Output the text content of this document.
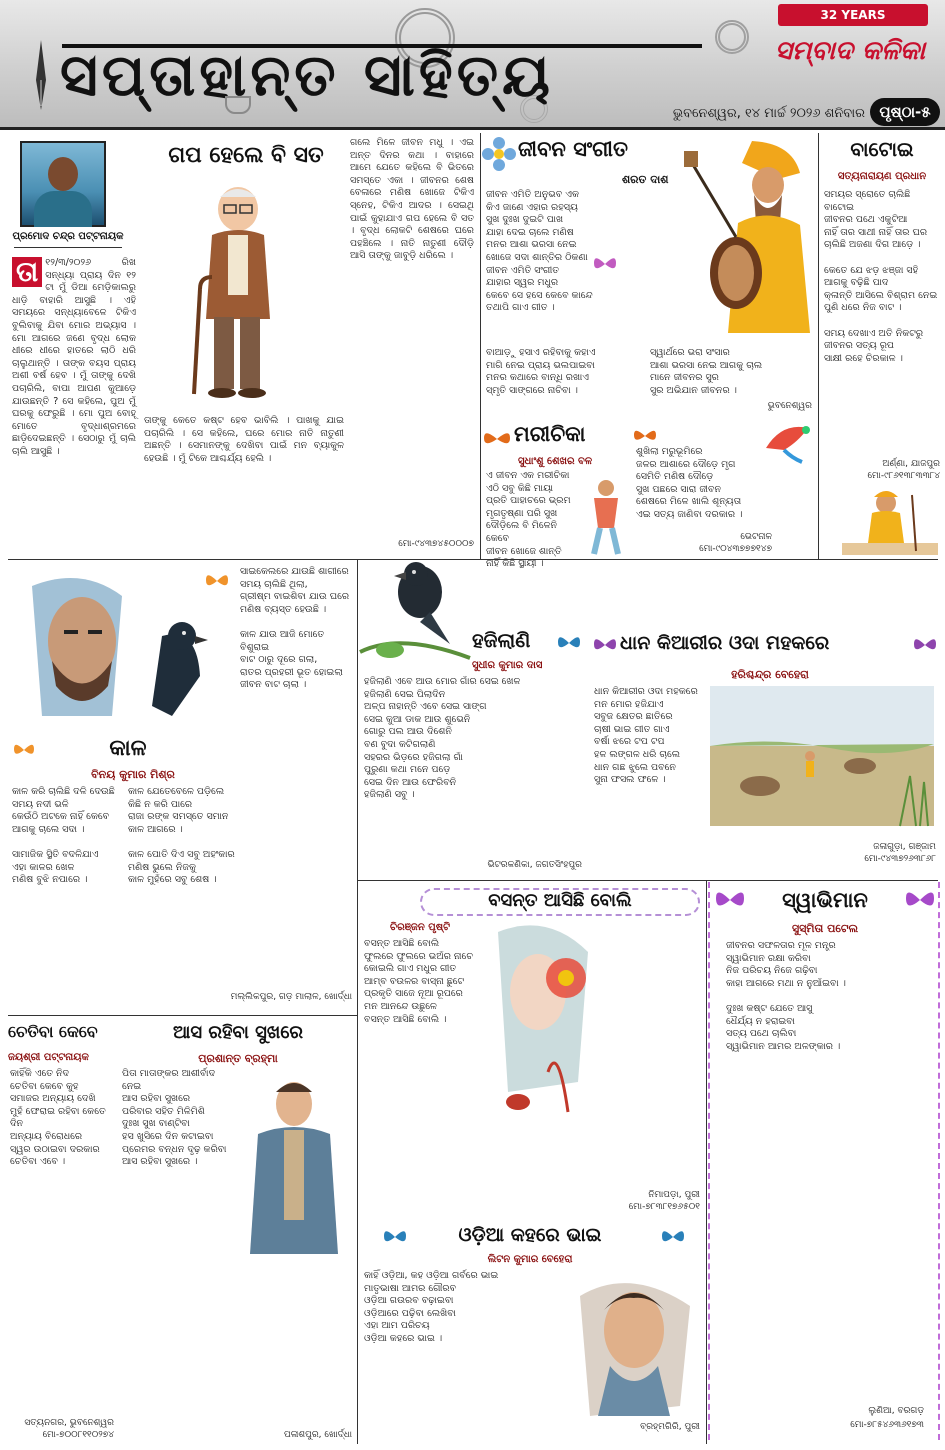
ସପ୍ତାହାନ୍ତ ସାହିତ୍ୟ
32 YEARS
ସମ୍ବାଦ କଳିକା
ଭୁବନେଶ୍ୱର, ୧୪ ମାର୍ଚ୍ଚ ୨୦୨୬ ଶନିବାର ପୃଷ୍ଠା-୫
ପ୍ରମୋଦ ଚନ୍ଦ୍ର ପଟ୍ଟନାୟକ
ଗପ ହେଲେ ବି ସତ
ତା ୧୨/୩/୨୦୨୬ ରିଖ ସନ୍ଧ୍ୟା ପ୍ରାୟ ଦିନ ୧୨ ଟା ମୁଁ ଡିଆ ମେଡ଼ିକାଲରୁ ଧାଡ଼ି ବାହାରି ଆସୁଛି । ଏହି ସମୟରେ ସନ୍ଧ୍ୟାବେଳେ ଟିକିଏ ବୁଲିବାକୁ ଯିବା ମୋର ଅଭ୍ୟାସ । ମୋ ଆଗରେ ଜଣେ ବୃଦ୍ଧ ଲୋକ ଧୀରେ ଧୀରେ ହାତରେ ଲାଠି ଧରି ଚାଲୁଥାନ୍ତି । ତାଙ୍କ ବୟସ ପ୍ରାୟ ଅଶୀ ବର୍ଷ ହେବ । ମୁଁ ତାଙ୍କୁ ଦେଖି ପଚାରିଲି, ବାପା ଆପଣ କୁଆଡ଼େ ଯାଉଛନ୍ତି ? ସେ କହିଲେ, ପୁଅ ମୁଁ ଘରକୁ ଫେରୁଛି । ମୋ ପୁଅ ବୋହୂ ମୋତେ ବୃଦ୍ଧାଶ୍ରମରେ ଛାଡ଼ିଦେଇଛନ୍ତି । ସେଠାରୁ ମୁଁ ଚାଲି ଚାଲି ଆସୁଛି ।
ତାଙ୍କୁ କେତେ କଷ୍ଟ ହେବ ଭାବିଲି । ପାଖକୁ ଯାଇ ପଚାରିଲି । ସେ କହିଲେ, ଘରେ ମୋର ନାତି ନାତୁଣୀ ଅଛନ୍ତି । ସେମାନଙ୍କୁ ଦେଖିବା ପାଇଁ ମନ ବ୍ୟାକୁଳ ହେଉଛି । ମୁଁ ଟିକେ ଆଶ୍ଚର୍ଯ୍ୟ ହେଲି ।
ଗଲେ ମିଳେ ଜୀବନ ମଧୁ । ଏଇ ଅନ୍ତ ଦିନର କଥା । ବାହାରେ ଆମେ ଯେତେ କହିଲେ ବି ଭିତରେ ସମସ୍ତେ ଏକା । ଜୀବନର ଶେଷ ବେଳାରେ ମଣିଷ ଖୋଜେ ଟିକିଏ ସ୍ନେହ, ଟିକିଏ ଆଦର । ସେଇଥି ପାଇଁ କୁହାଯାଏ ଗପ ହେଲେ ବି ସତ । ବୃଦ୍ଧ ଲୋକଟି ଶେଷରେ ଘରେ ପହଞ୍ଚିଲେ । ନାତି ନାତୁଣୀ ଦୌଡ଼ି ଆସି ତାଙ୍କୁ ଜାବୁଡ଼ି ଧରିଲେ ।
ମୋ-୯୪୩୭୪୫୦୦୦୭
ଜୀବନ ସଂଗୀତ
ଶରତ ଦାଶ
ଜୀବନ ଏମିତି ଅନୁଭବ ଏକ
କିଏ ଜାଣେ ଏହାର ରହସ୍ୟ
ସୁଖ ଦୁଃଖ ଦୁଇଟି ପାଖ
ଯାହା ଦେଇ ଚାଲେ ମଣିଷ
ମନର ଆଶା ଭରସା ନେଇ
ଖୋଜେ ସଦା ଶାନ୍ତିର ଠିକଣା
ଜୀବନ ଏମିତି ସଂଗୀତ
ଯାହାର ସ୍ୱର ମଧୁର
କେବେ ସେ ହସେ କେବେ କାନ୍ଦେ
ତଥାପି ଗାଏ ଗୀତ ।
ବାଆଡ଼ୁ ହସାଏ ରହିବାକୁ କହାଏ
ମାଗି ନେଇ ପ୍ରାୟ ଭଲପାଇବା
ମନର କଥାରେ ବାନ୍ଧି ରଖାଏ
ସ୍ମୃତି ସାଙ୍ଗରେ ନାଚିବା ।
ସ୍ୱାର୍ଥରେ ଭରା ସଂସାର
ଆଶା ଭରସା ନେଇ ଆଗକୁ ଚାଲ
ମାନେ ଜୀବନର ସୁର
ସୁର ଅଭିଯାନ ଜୀବନର ।
ଭୁବନେଶ୍ୱର
ବାଟୋଇ
ସତ୍ୟନାରାୟଣ ପ୍ରଧାନ
ସମୟର ସ୍ରୋତେ ଚାଲିଛି ବାଟୋଇ
ଜୀବନର ପଥେ ଏକୁଟିଆ
ନାହିଁ ତାର ସାଥୀ ନାହିଁ ତାର ଘର
ଚାଲିଛି ଅଜଣା ଦିଗ ଆଡ଼େ ।

କେତେ ଯେ ଝଡ଼ ଝଞ୍ଜା ସହି
ଆଗକୁ ବଢ଼ିଛି ପାଦ
କ୍ଳାନ୍ତି ଆସିଲେ ବିଶ୍ରାମ ନେଇ
ପୁଣି ଧରେ ନିଜ ବାଟ ।

ସମୟ ଦେଖାଏ ଅତି ନିକଟରୁ
ଜୀବନର ସତ୍ୟ ରୂପ
ସାକ୍ଷୀ ରହେ ଚିରକାଳ ।
ଅର୍ଣ୍ଣା, ଯାଜପୁର
ମୋ-୯୮୬୧୩୮୩୩୮୪
ମରୀଚିକା
ସୁଧାଂଶୁ ଶେଖର ବଳ
ଏ ଜୀବନ ଏକ ମରୀଚିକା
ଏଠି ସବୁ କିଛି ମାୟା
ପ୍ରତି ପାହାଚରେ ଭ୍ରମ
ମୃଗତୃଷ୍ଣା ପରି ସୁଖ
ଦୌଡ଼ିଲେ ବି ମିଳେନି କେବେ
ଜୀବନ ଖୋଜେ ଶାନ୍ତି
ନାହିଁ କିଛି ସ୍ଥାୟୀ ।
ଶୁଖିଲା ମରୁଭୂମିରେ
ଜଳର ଆଶାରେ ଦୌଡ଼େ ମୃଗ
ସେମିତି ମଣିଷ ଦୌଡ଼େ
ସୁଖ ପଛରେ ସାରା ଜୀବନ
ଶେଷରେ ମିଳେ ଖାଲି ଶୂନ୍ୟତା
ଏଇ ସତ୍ୟ ଜାଣିବା ଦରକାର ।
ଭେଟନାଳ
ମୋ-୯୦୪୩୭୭୭୧୪୭
କାଳ
ବିନୟ କୁମାର ମିଶ୍ର
ସାଇକେଲରେ ଯାଉଛି ଶାଗୀରେ
ସମୟ ଚାଲିଛି ଥିଲା,
ଗ୍ରୀଷ୍ମ ବାଇଶିବା ଯାଉ ଘରେ
ମଣିଷ ବ୍ୟସ୍ତ ହେଉଛି ।

କାଳ ଯାଉ ଆଜି ମୋତେ ବିଶୁରାଇ
ବାଟ ଠାରୁ ଦୂରେ ଗଲା,
ରାତର ପ୍ରହରୀ ଭୂତ ହୋଇଲା
ଜୀବନ ବାଟ ଚାଲା ।
କାଳ କରି ଚାଲିଛି ଦଳି ଦେଉଛି
ସମୟ ନଦୀ ଭଳି
କେଉଁଠି ଅଟକେ ନାହିଁ କେବେ
ଆଗକୁ ଚାଲେ ସଦା ।

ସାମାଜିକ ସ୍ଥିତି ବଦଳିଯାଏ
ଏହା କାଳର ଖେଳ
ମଣିଷ ବୁଝି ନପାରେ ।
କାଳ ଯେତେବେଳେ ପଡ଼ିଲେ
କିଛି ନ କରି ପାରେ
ରାଜା ରଙ୍କ ସମସ୍ତେ ସମାନ
କାଳ ଆଗରେ ।

କାଳ ପୋତି ଦିଏ ସବୁ ଅହଂକାର
ମଣିଷ ଭୁଲେ ନିଜକୁ
କାଳ ମୁହଁରେ ସବୁ ଶେଷ ।
ମଲ୍ଲିକପୁର, ଗଡ଼ ମାଲାଳ, ଖୋର୍ଦ୍ଧା
ହଜିଲାଣି
ସୁଧୀର କୁମାର ଦାସ
ହଜିଲାଣି ଏବେ ଆଉ ମୋର ଗାଁର ସେଇ ଖେଳ
ହଜିଲାଣି ସେଇ ପିଲାଦିନ
ଅଳ୍ପ ନାହାନ୍ତି ଏବେ ସେଇ ସାଙ୍ଗ
ସେଇ କୁଆ ଡାକ ଆଉ ଶୁଭେନି
ଗୋରୁ ପଲ ଆଉ ଦିଶେନି
ବଣ ବୁଦା କଟିଗଲାଣି
ସହରର ଭିଡ଼ରେ ହଜିଗଲା ଗାଁ
ପୁରୁଣା କଥା ମନେ ପଡ଼େ
ସେଇ ଦିନ ଆଉ ଫେରିବନି
ହଜିଲାଣି ସବୁ ।
ଭିଟରକଣିକା, ଜଗତସିଂହପୁର
ଧାନ କିଆରୀର ଓଦା ମହକରେ
ହରିଶ୍ଚନ୍ଦ୍ର ବେହେରା
ଧାନ କିଆରୀର ଓଦା ମହକରେ
ମନ ମୋର ହଜିଯାଏ
ସବୁଜ କ୍ଷେତର ଛାତିରେ
ଚାଷୀ ଭାଇ ଗୀତ ଗାଏ
ବର୍ଷା ଝରେ ଟପ ଟପ
ହଳ ଲଙ୍ଗଳ ଧରି ଚାଲେ
ଧାନ ଗଛ ଝୁଲେ ପବନେ
ସୁନା ଫସଲ ଫଳେ ।
ଜଳାଗୁଡ଼ା, ଗଞ୍ଜାମ
ମୋ-୯୪୩୭୨୬୩୮୬୮
ବସନ୍ତ ଆସିଛି ବୋଲି
ଚିରଞ୍ଜନ ପୃଷ୍ଟି
ବସନ୍ତ ଆସିଛି ବୋଲି
ଫୁଲରେ ଫୁଲରେ ଭଅଁର ନାଚେ
କୋଇଲି ଗାଏ ମଧୁର ଗୀତ
ଆମ୍ବ ବଉଳର ବାସ୍ନା ଛୁଟେ
ପ୍ରକୃତି ସାଜେ ନୂଆ ରୂପରେ
ମନ ଆନନ୍ଦେ ଉଛୁଳେ
ବସନ୍ତ ଆସିଛି ବୋଲି ।
ନିମାପଡ଼ା, ପୁରୀ
ମୋ-୭୮୩୮୧୭୬୫୦୧
ସ୍ୱାଭିମାନ
ସୁସ୍ମିତା ପଟେଲ
ଜୀବନର ସଫଳତାର ମୂଳ ମନ୍ତ୍ର
ସ୍ୱାଭିମାନ ରକ୍ଷା କରିବା
ନିଜ ପରିଚୟ ନିଜେ ଗଢ଼ିବା
କାହା ଆଗରେ ମଥା ନ ନୁଆଁଇବା ।

ଦୁଃଖ କଷ୍ଟ ଯେତେ ଆସୁ
ଧୈର୍ଯ୍ୟ ନ ହରାଇବା
ସତ୍ୟ ପଥେ ଚାଲିବା
ସ୍ୱାଭିମାନ ଆମର ଅଳଙ୍କାର ।
ଲୁଣିଆ, ବରଗଡ଼
ମୋ-୭୮୫୪୬୩୬୧୭୩
ଚେତିବା କେବେ
ଜୟଶ୍ରୀ ପଟ୍ଟନାୟକ
କାହିଁକି ଏତେ ନିଦ
ଚେତିବା କେବେ କୁହ
ସମାଜର ଅନ୍ୟାୟ ଦେଖି
ମୁହଁ ଫେରାଇ ରହିବା କେତେ ଦିନ
ଅନ୍ୟାୟ ବିରୋଧରେ
ସ୍ୱର ଉଠାଇବା ଦରକାର
ଚେତିବା ଏବେ ।
ସତ୍ୟନଗର, ଭୁବନେଶ୍ୱର
ମୋ-୭୦୦୮୧୧୦୨୭୪
ଆସ ରହିବା ସୁଖରେ
ପ୍ରଶାନ୍ତ ବ୍ରହ୍ମା
ପିତା ମାତାଙ୍କର ଆଶୀର୍ବାଦ ନେଇ
ଆସ ରହିବା ସୁଖରେ
ପରିବାର ସହିତ ମିଳିମିଶି
ଦୁଃଖ ସୁଖ ବାଣ୍ଟିବା
ହସ ଖୁସିରେ ଦିନ କଟାଇବା
ପ୍ରେମର ବନ୍ଧନ ଦୃଢ଼ କରିବା
ଆସ ରହିବା ସୁଖରେ ।
ପଳାଶପୁର, ଖୋର୍ଦ୍ଧା
ଓଡ଼ିଆ କହରେ ଭାଇ
ଲିଟନ କୁମାର ବେହେରା
କାହିଁ ଓଡ଼ିଆ, କହ ଓଡ଼ିଆ ଗର୍ବରେ ଭାଇ
ମାତୃଭାଷା ଆମର ଗୌରବ
ଓଡ଼ିଆ ଗଉରବ ବଢ଼ାଇବା
ଓଡ଼ିଆରେ ପଢ଼ିବା ଲେଖିବା
ଏହା ଆମ ପରିଚୟ
ଓଡ଼ିଆ କହରେ ଭାଇ ।
ବ୍ରହ୍ମଗିରି, ପୁରୀ
